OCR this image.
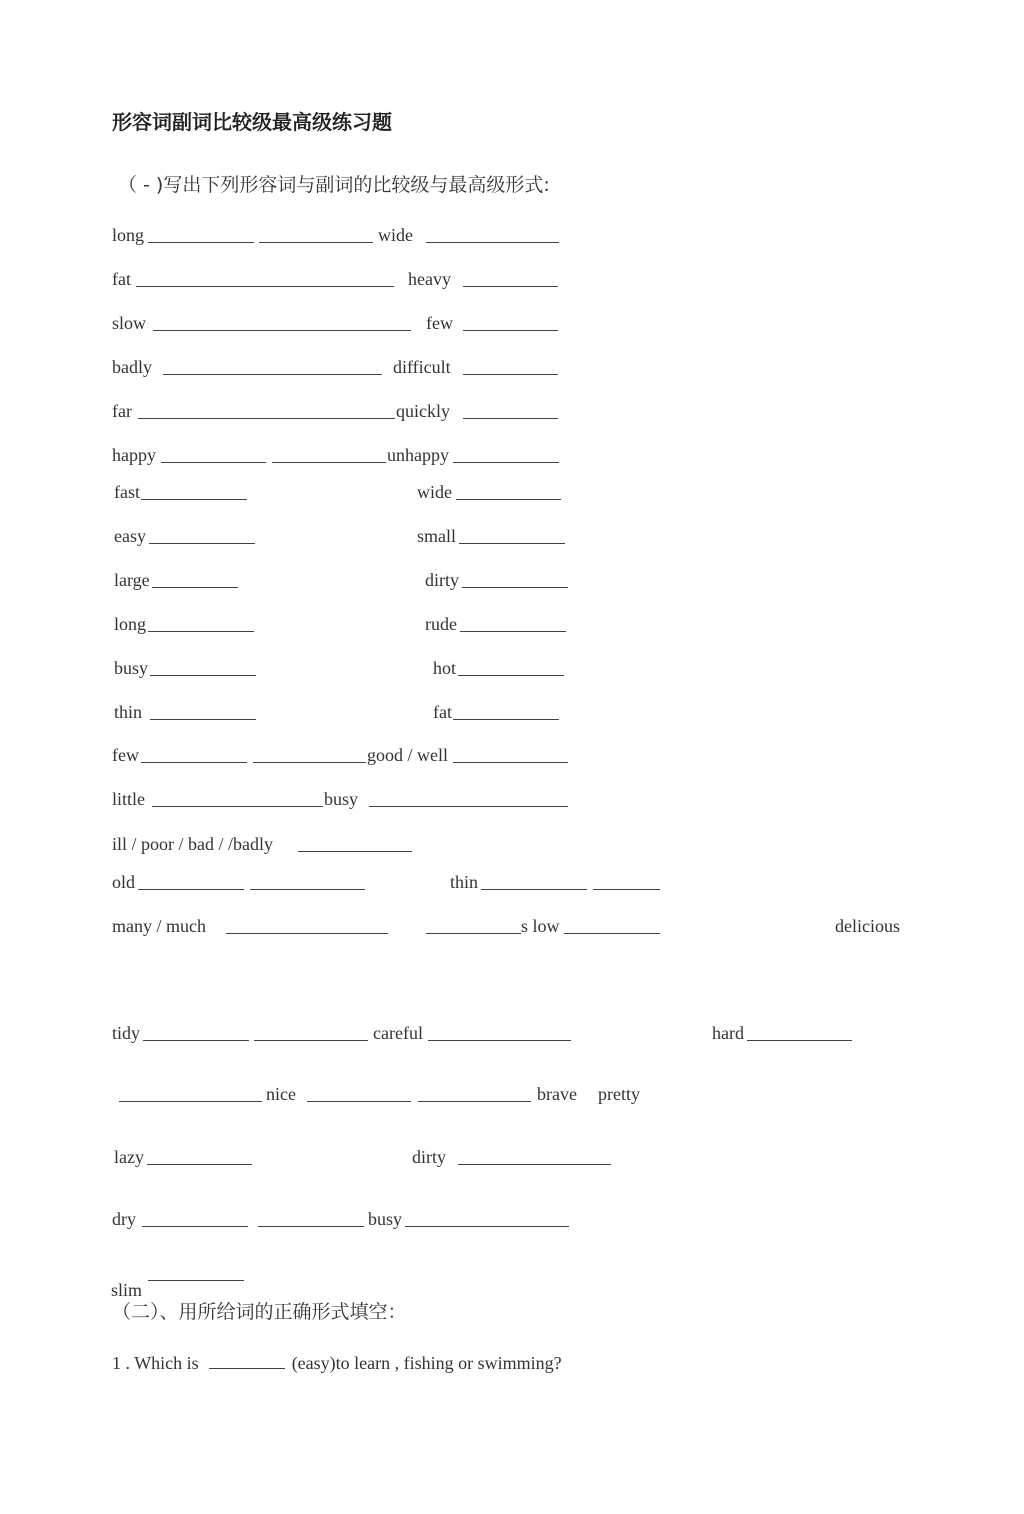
形容词副词比较级最高级练习题
（ - )写出下列形容词与副词的比较级与最高级形式:
long	wide
fat	heavy
slow	few
badly	difficult
far	quickly
happy	unhappy
fast	wide
easy	small
large	dirty
long	rude
busy	hot
thin	fat
few	good / well
little	busy
ill / poor / bad / /badly
old	thin
many / much	s low	delicious
tidy	careful	hard
nice	brave pretty
lazy	dirty
dry	busy
slim
（二）、用所给词的正确形式填空：
1 . Which is	(easy)to learn , fishing or swimming?
